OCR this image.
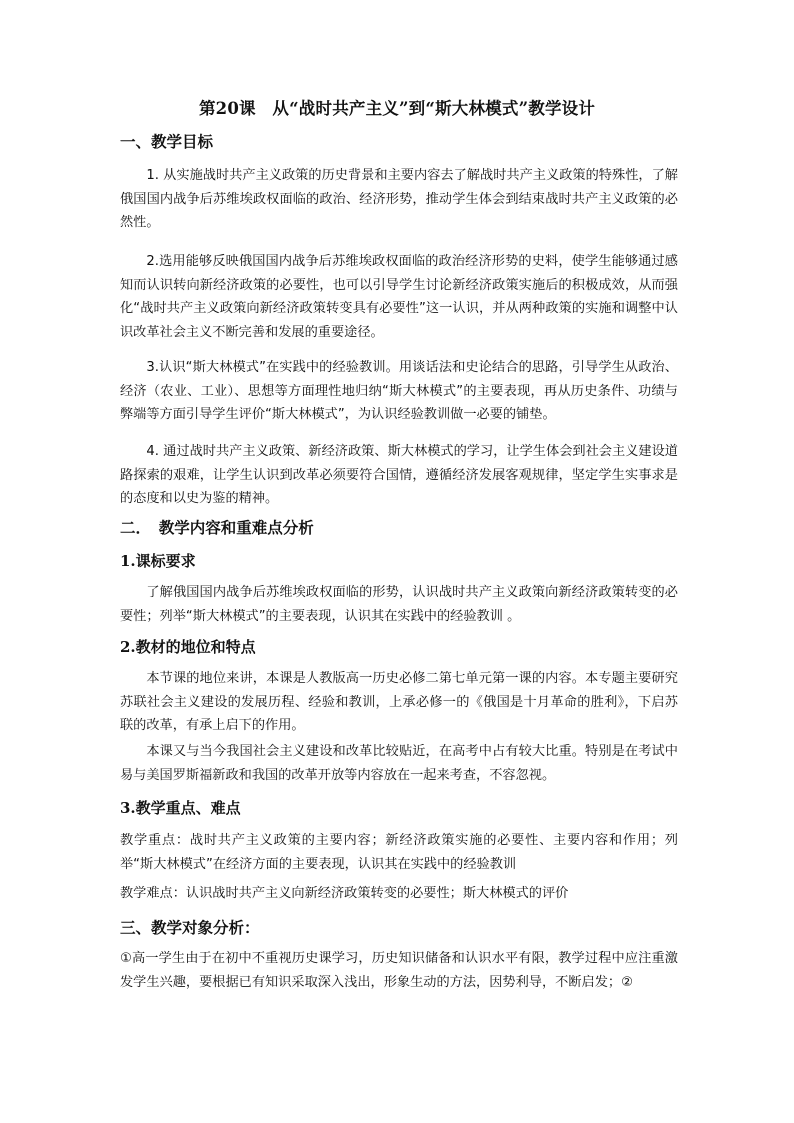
第20课　从“战时共产主义”到“斯大林模式”教学设计
一、教学目标

1. 从实施战时共产主义政策的历史背景和主要内容去了解战时共产主义政策的特殊性，了解俄国国内战争后苏维埃政权面临的政治、经济形势，推动学生体会到结束战时共产主义政策的必然性。

2.选用能够反映俄国国内战争后苏维埃政权面临的政治经济形势的史料，使学生能够通过感知而认识转向新经济政策的必要性，也可以引导学生讨论新经济政策实施后的积极成效，从而强化“战时共产主义政策向新经济政策转变具有必要性”这一认识，并从两种政策的实施和调整中认识改革社会主义不断完善和发展的重要途径。

3.认识“斯大林模式”在实践中的经验教训。用谈话法和史论结合的思路，引导学生从政治、经济（农业、工业）、思想等方面理性地归纳“斯大林模式”的主要表现，再从历史条件、功绩与弊端等方面引导学生评价“斯大林模式”，为认识经验教训做一必要的铺垫。

4. 通过战时共产主义政策、新经济政策、斯大林模式的学习，让学生体会到社会主义建设道路探索的艰难，让学生认识到改革必须要符合国情，遵循经济发展客观规律，坚定学生实事求是的态度和以史为鉴的精神。

二．　教学内容和重难点分析
1.课标要求

了解俄国国内战争后苏维埃政权面临的形势，认识战时共产主义政策向新经济政策转变的必要性；列举“斯大林模式”的主要表现，认识其在实践中的经验教训 。

2.教材的地位和特点

本节课的地位来讲，本课是人教版高一历史必修二第七单元第一课的内容。本专题主要研究苏联社会主义建设的发展历程、经验和教训，上承必修一的《俄国是十月革命的胜利》，下启苏联的改革，有承上启下的作用。

本课又与当今我国社会主义建设和改革比较贴近，在高考中占有较大比重。特别是在考试中易与美国罗斯福新政和我国的改革开放等内容放在一起来考查，不容忽视。

3.教学重点、难点

教学重点：战时共产主义政策的主要内容；新经济政策实施的必要性、主要内容和作用；列举“斯大林模式”在经济方面的主要表现，认识其在实践中的经验教训

教学难点：认识战时共产主义向新经济政策转变的必要性；斯大林模式的评价

三、教学对象分析：

①高一学生由于在初中不重视历史课学习，历史知识储备和认识水平有限，教学过程中应注重激发学生兴趣，要根据已有知识采取深入浅出，形象生动的方法，因势利导，不断启发；②
